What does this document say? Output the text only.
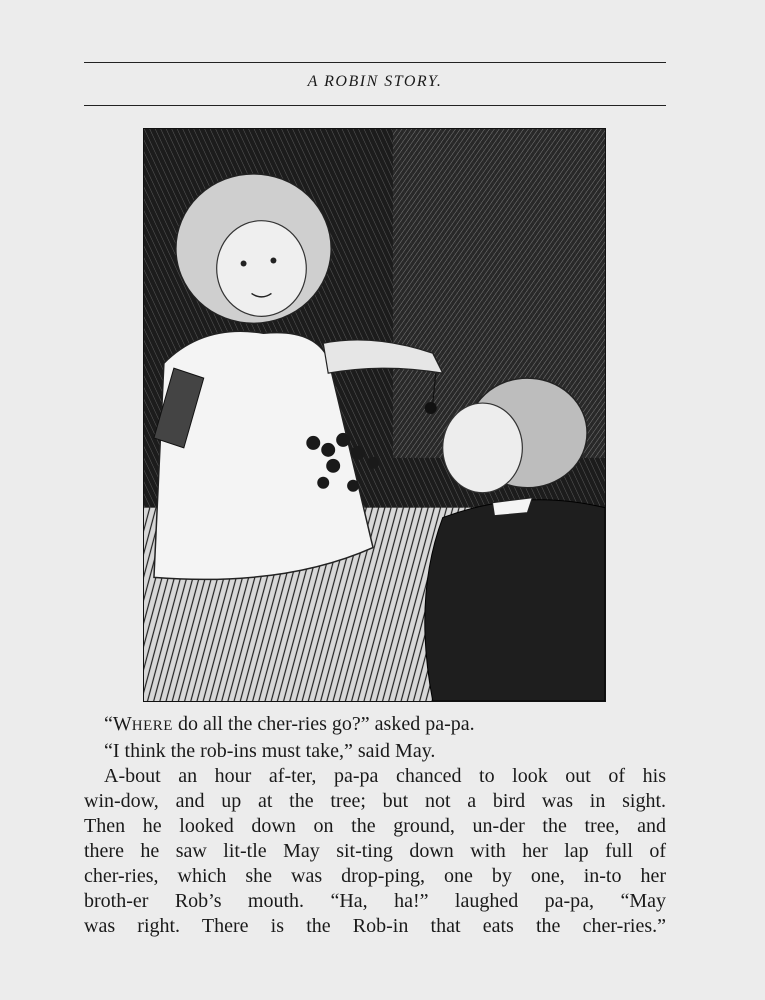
A ROBIN STORY.
“WHERE do all the cher-ries go?” asked pa-pa.
“I think the rob-ins must take,” said May.
A-bout an hour af-ter, pa-pa chanced to look out of his
win-dow, and up at the tree; but not a bird was in sight.
Then he looked down on the ground, un-der the tree, and
there he saw lit-tle May sit-ting down with her lap full of
cher-ries, which she was drop-ping, one by one, in-to her
broth-er Rob’s mouth. “Ha, ha!” laughed pa-pa, “May
was right. There is the Rob-in that eats the cher-ries.”
